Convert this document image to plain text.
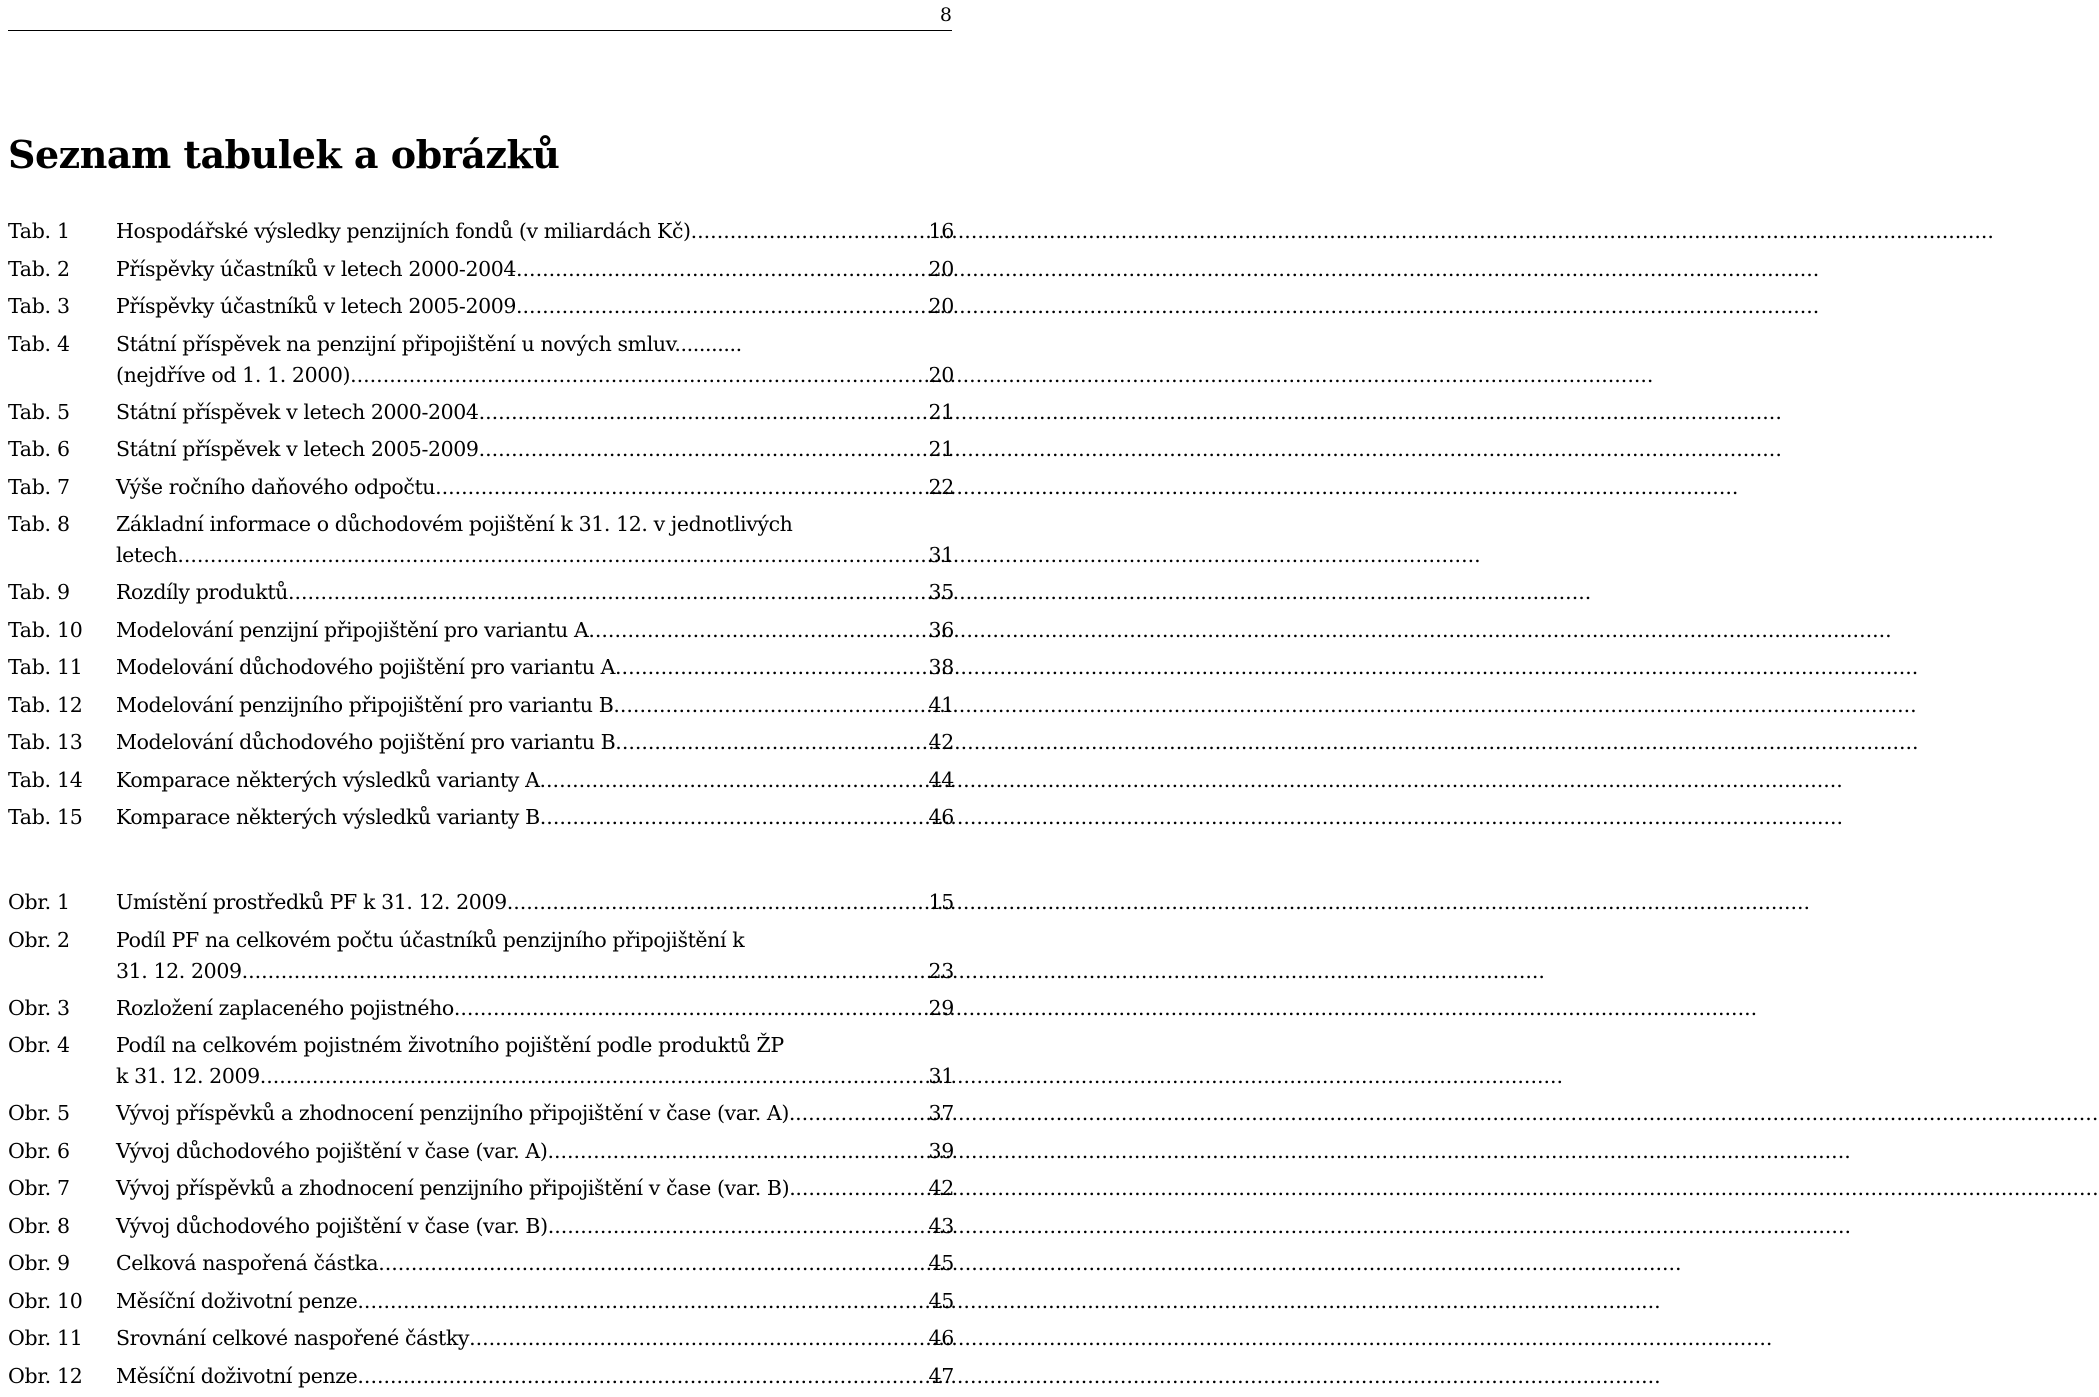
8
Seznam tabulek a obrázků
Tab. 1	Hospodářské výsledky penzijních fondů (v miliardách Kč) .....	16
Tab. 2	Příspěvky účastníků v letech 2000-2004 .....	20
Tab. 3	Příspěvky účastníků v letech 2005-2009 .....	20
Tab. 4	Státní příspěvek na penzijní připojištění u nových smluv...........
(nejdříve od 1. 1. 2000) .....	20
Tab. 5	Státní příspěvek v letech 2000-2004 .....	21
Tab. 6	Státní příspěvek v letech 2005-2009 .....	21
Tab. 7	Výše ročního daňového odpočtu .....	22
Tab. 8	Základní informace o důchodovém pojištění k 31. 12. v jednotlivých
letech .....	31
Tab. 9	Rozdíly produktů .....	35
Tab. 10	Modelování penzijní připojištění pro variantu A .....	36
Tab. 11	Modelování důchodového pojištění pro variantu A .....	38
Tab. 12	Modelování penzijního připojištění pro variantu B .....	41
Tab. 13	Modelování důchodového pojištění pro variantu B .....	42
Tab. 14	Komparace některých výsledků varianty A .....	44
Tab. 15	Komparace některých výsledků varianty B .....	46
Obr. 1	Umístění prostředků PF k 31. 12. 2009 .....	15
Obr. 2	Podíl PF na celkovém počtu účastníků penzijního připojištění k
31. 12. 2009 .....	23
Obr. 3	Rozložení zaplaceného pojistného .....	29
Obr. 4	Podíl na celkovém pojistném životního pojištění podle produktů ŽP
k 31. 12. 2009 .....	31
Obr. 5	Vývoj příspěvků a zhodnocení penzijního připojištění v čase (var. A). .....	37
Obr. 6	Vývoj důchodového pojištění v čase (var. A) .....	39
Obr. 7	Vývoj příspěvků a zhodnocení penzijního připojištění v čase (var. B). .....	42
Obr. 8	Vývoj důchodového pojištění v čase (var. B) .....	43
Obr. 9	Celková naspořená částka .....	45
Obr. 10	Měsíční doživotní penze .....	45
Obr. 11	Srovnání celkové naspořené částky .....	46
Obr. 12	Měsíční doživotní penze .....	47
